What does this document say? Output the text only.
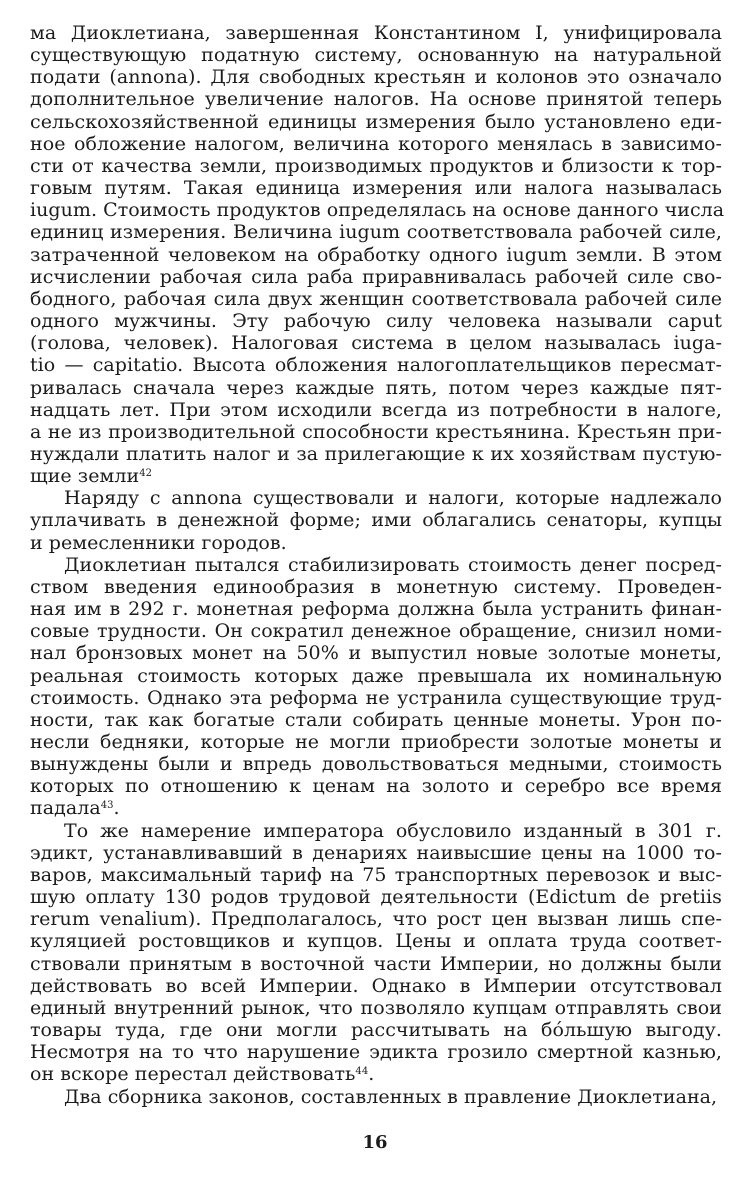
ма Диоклетиана, завершенная Константином I, унифицировала
существующую податную систему, основанную на натуральной
подати (annona). Для свободных крестьян и колонов это означало
дополнительное увеличение налогов. На основе принятой теперь
сельскохозяйственной единицы измерения было установлено еди-
ное обложение налогом, величина которого менялась в зависимо-
сти от качества земли, производимых продуктов и близости к тор-
говым путям. Такая единица измерения или налога называлась
iugum. Стоимость продуктов определялась на основе данного числа
единиц измерения. Величина iugum соответствовала рабочей силе,
затраченной человеком на обработку одного iugum земли. В этом
исчислении рабочая сила раба приравнивалась рабочей силе сво-
бодного, рабочая сила двух женщин соответствовала рабочей силе
одного мужчины. Эту рабочую силу человека называли caput
(голова, человек). Налоговая система в целом называлась iuga-
tio — capitatio. Высота обложения налогоплательщиков пересмат-
ривалась сначала через каждые пять, потом через каждые пят-
надцать лет. При этом исходили всегда из потребности в налоге,
а не из производительной способности крестьянина. Крестьян при-
нуждали платить налог и за прилегающие к их хозяйствам пустую-
щие земли$^{42}$
Наряду с annona существовали и налоги, которые надлежало
уплачивать в денежной форме; ими облагались сенаторы, купцы
и ремесленники городов.
Диоклетиан пытался стабилизировать стоимость денег посред-
ством введения единообразия в монетную систему. Проведен-
ная им в 292 г. монетная реформа должна была устранить финан-
совые трудности. Он сократил денежное обращение, снизил номи-
нал бронзовых монет на 50% и выпустил новые золотые монеты,
реальная стоимость которых даже превышала их номинальную
стоимость. Однако эта реформа не устранила существующие труд-
ности, так как богатые стали собирать ценные монеты. Урон по-
несли бедняки, которые не могли приобрести золотые монеты и
вынуждены были и впредь довольствоваться медными, стоимость
которых по отношению к ценам на золото и серебро все время
падала$^{43}$.
То же намерение императора обусловило изданный в 301 г.
эдикт, устанавливавший в денариях наивысшие цены на 1000 то-
варов, максимальный тариф на 75 транспортных перевозок и выс-
шую оплату 130 родов трудовой деятельности (Edictum de pretiis
rerum venalium). Предполагалось, что рост цен вызван лишь спе-
куляцией ростовщиков и купцов. Цены и оплата труда соответ-
ствовали принятым в восточной части Империи, но должны были
действовать во всей Империи. Однако в Империи отсутствовал
единый внутренний рынок, что позволяло купцам отправлять свои
товары туда, где они могли рассчитывать на бóльшую выгоду.
Несмотря на то что нарушение эдикта грозило смертной казнью,
он вскоре перестал действовать$^{44}$.
Два сборника законов, составленных в правление Диоклетиана,
16
